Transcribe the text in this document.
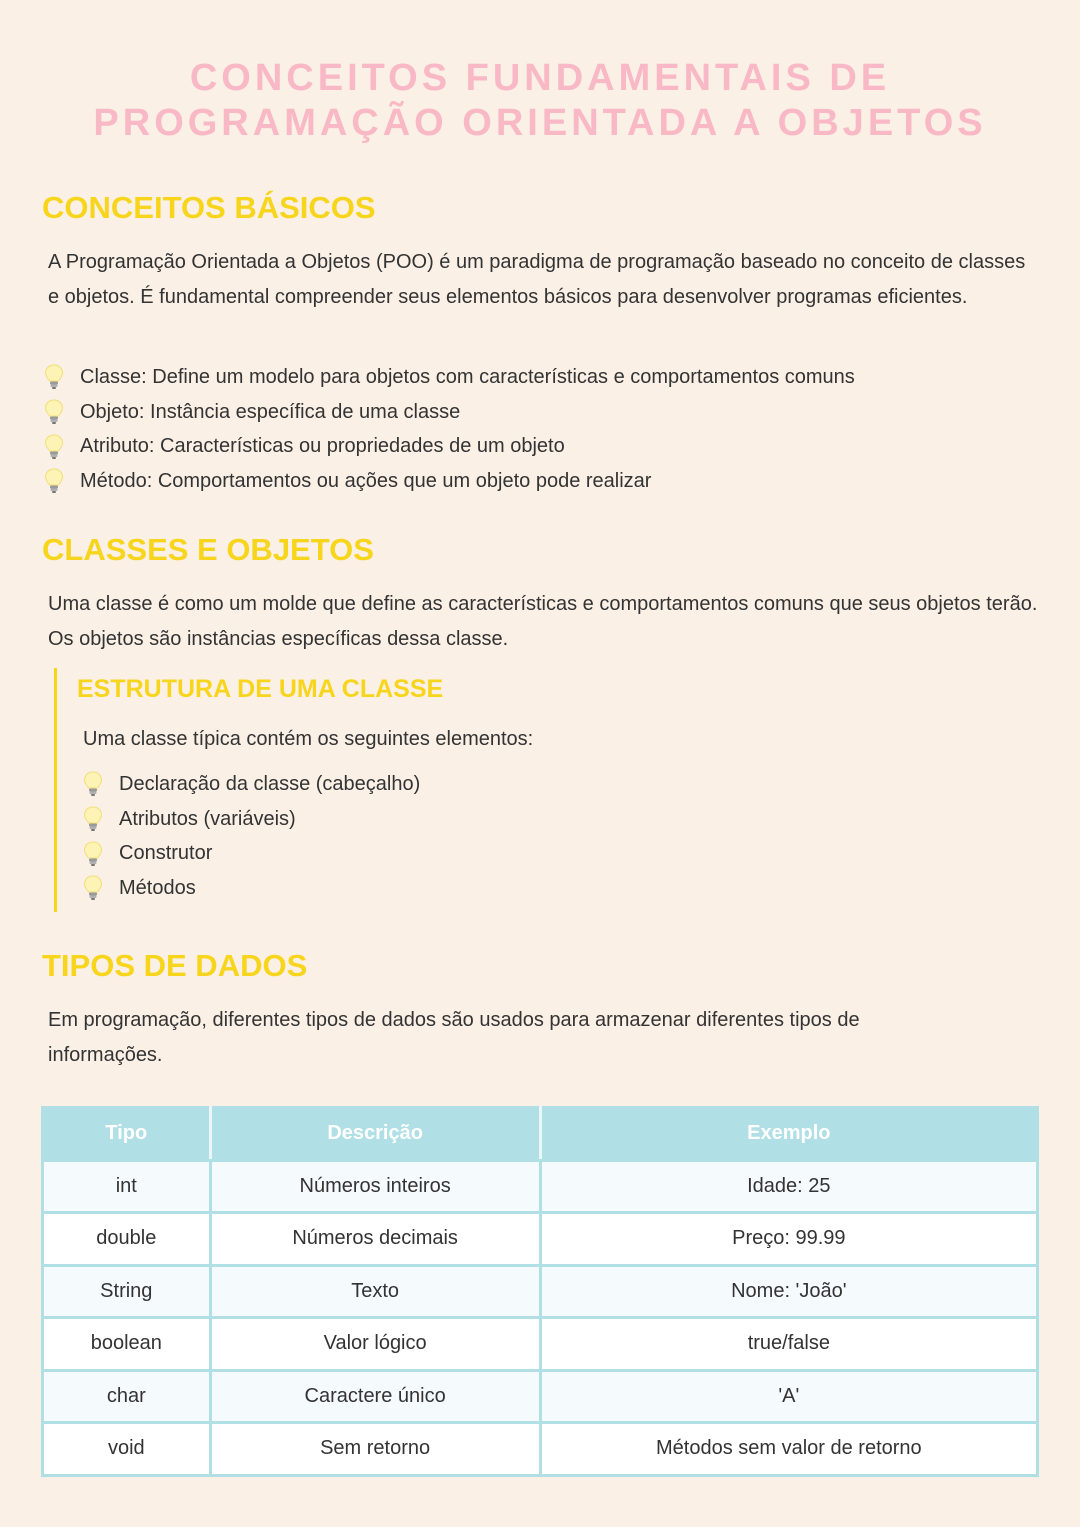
CONCEITOS FUNDAMENTAIS DE
PROGRAMAÇÃO ORIENTADA A OBJETOS
CONCEITOS BÁSICOS

A Programação Orientada a Objetos (POO) é um paradigma de programação baseado no conceito de classes e objetos. É fundamental compreender seus elementos básicos para desenvolver programas eficientes.

Classe: Define um modelo para objetos com características e comportamentos comuns
Objeto: Instância específica de uma classe
Atributo: Características ou propriedades de um objeto
Método: Comportamentos ou ações que um objeto pode realizar
CLASSES E OBJETOS

Uma classe é como um molde que define as características e comportamentos comuns que seus objetos terão. Os objetos são instâncias específicas dessa classe.

ESTRUTURA DE UMA CLASSE

Uma classe típica contém os seguintes elementos:

Declaração da classe (cabeçalho)
Atributos (variáveis)
Construtor
Métodos
TIPOS DE DADOS

Em programação, diferentes tipos de dados são usados para armazenar diferentes tipos de informações.

Tipo	Descrição	Exemplo
int	Números inteiros	Idade: 25
double	Números decimais	Preço: 99.99
String	Texto	Nome: 'João'
boolean	Valor lógico	true/false
char	Caractere único	'A'
void	Sem retorno	Métodos sem valor de retorno
